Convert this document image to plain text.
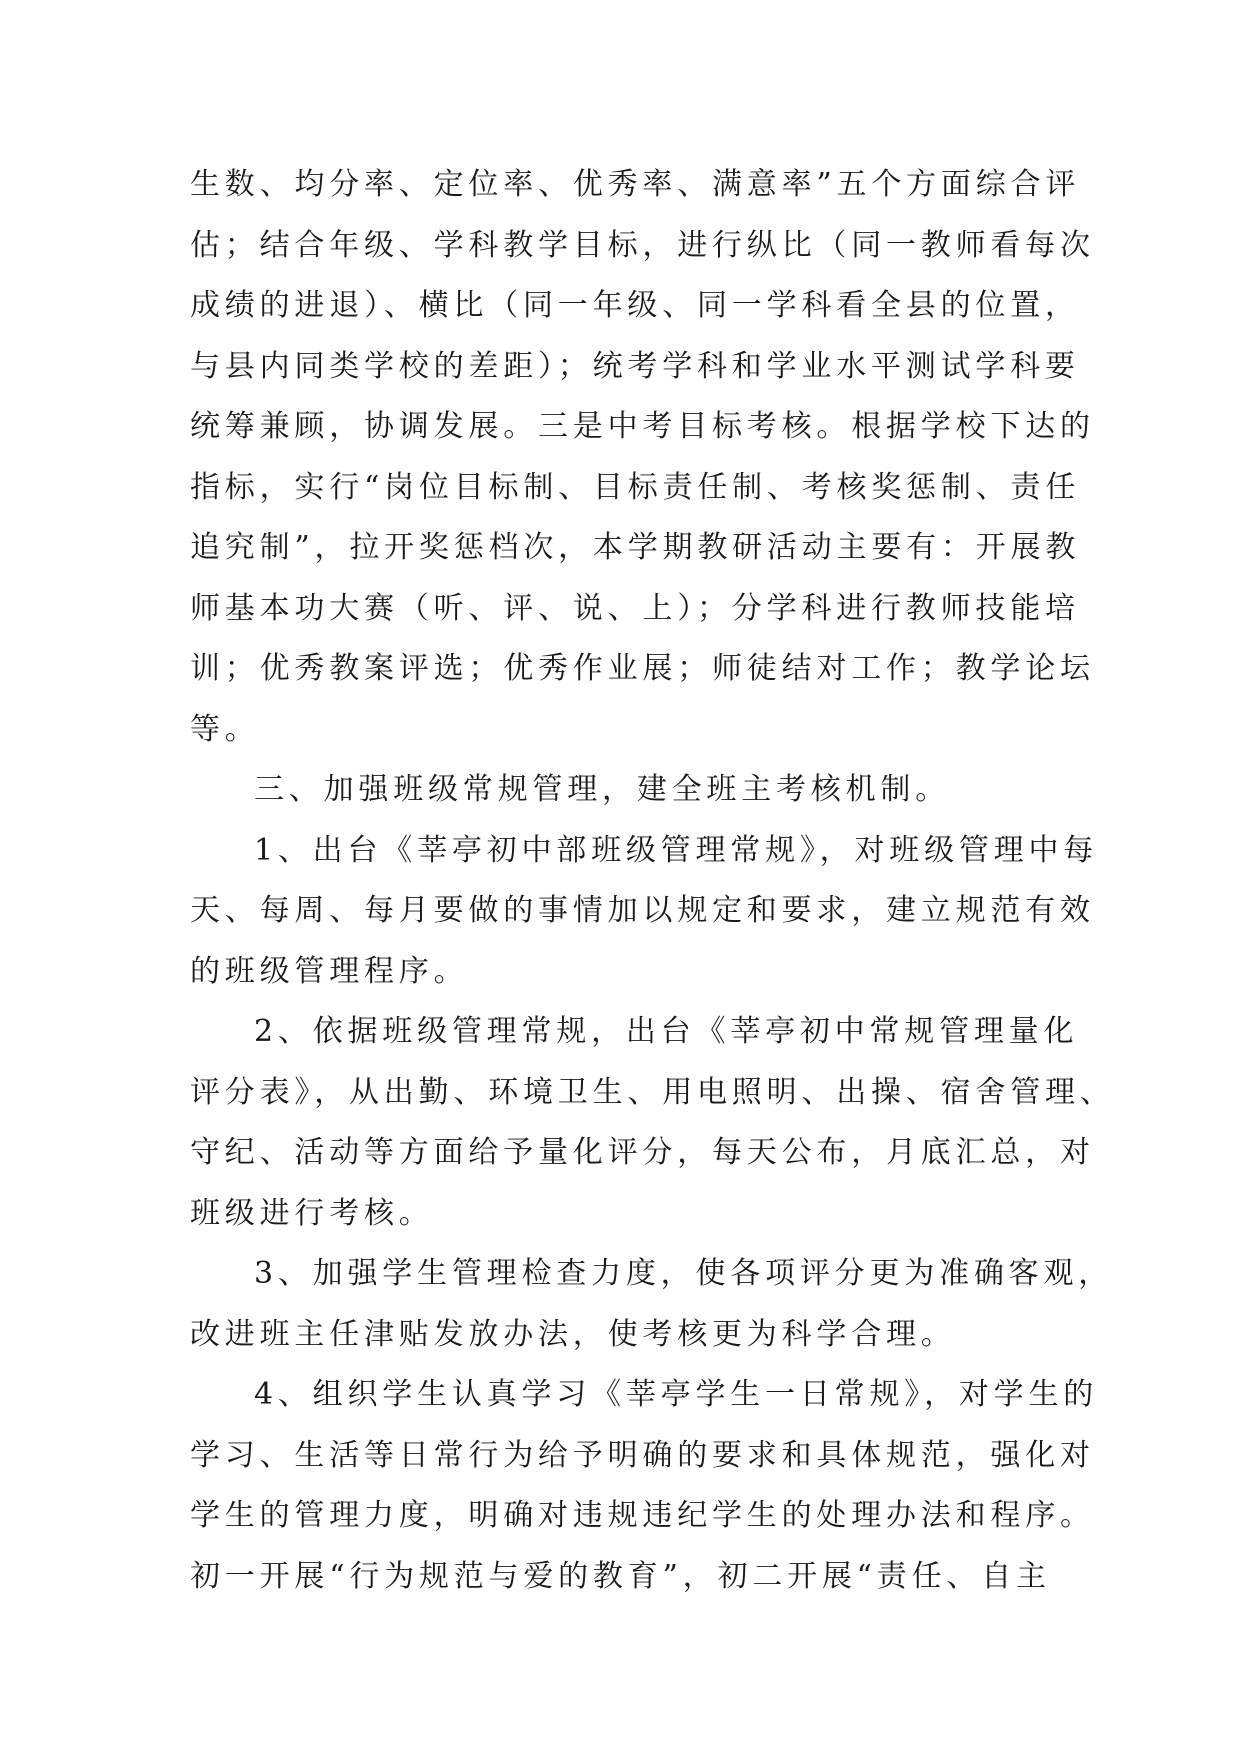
生数、均分率、定位率、优秀率、满意率”五个方面综合评
估；结合年级、学科教学目标，进行纵比（同一教师看每次
成绩的进退）、横比（同一年级、同一学科看全县的位置，
与县内同类学校的差距）；统考学科和学业水平测试学科要
统筹兼顾，协调发展。三是中考目标考核。根据学校下达的
指标，实行“岗位目标制、目标责任制、考核奖惩制、责任
追究制”，拉开奖惩档次，本学期教研活动主要有：开展教
师基本功大赛（听、评、说、上）；分学科进行教师技能培
训；优秀教案评选；优秀作业展；师徒结对工作；教学论坛
等。
三、加强班级常规管理，建全班主考核机制。
1、出台《莘亭初中部班级管理常规》，对班级管理中每
天、每周、每月要做的事情加以规定和要求，建立规范有效
的班级管理程序。
2、依据班级管理常规，出台《莘亭初中常规管理量化
评分表》，从出勤、环境卫生、用电照明、出操、宿舍管理、
守纪、活动等方面给予量化评分，每天公布，月底汇总，对
班级进行考核。
3、加强学生管理检查力度，使各项评分更为准确客观，
改进班主任津贴发放办法，使考核更为科学合理。
4、组织学生认真学习《莘亭学生一日常规》，对学生的
学习、生活等日常行为给予明确的要求和具体规范，强化对
学生的管理力度，明确对违规违纪学生的处理办法和程序。
初一开展“行为规范与爱的教育”，初二开展“责任、自主
